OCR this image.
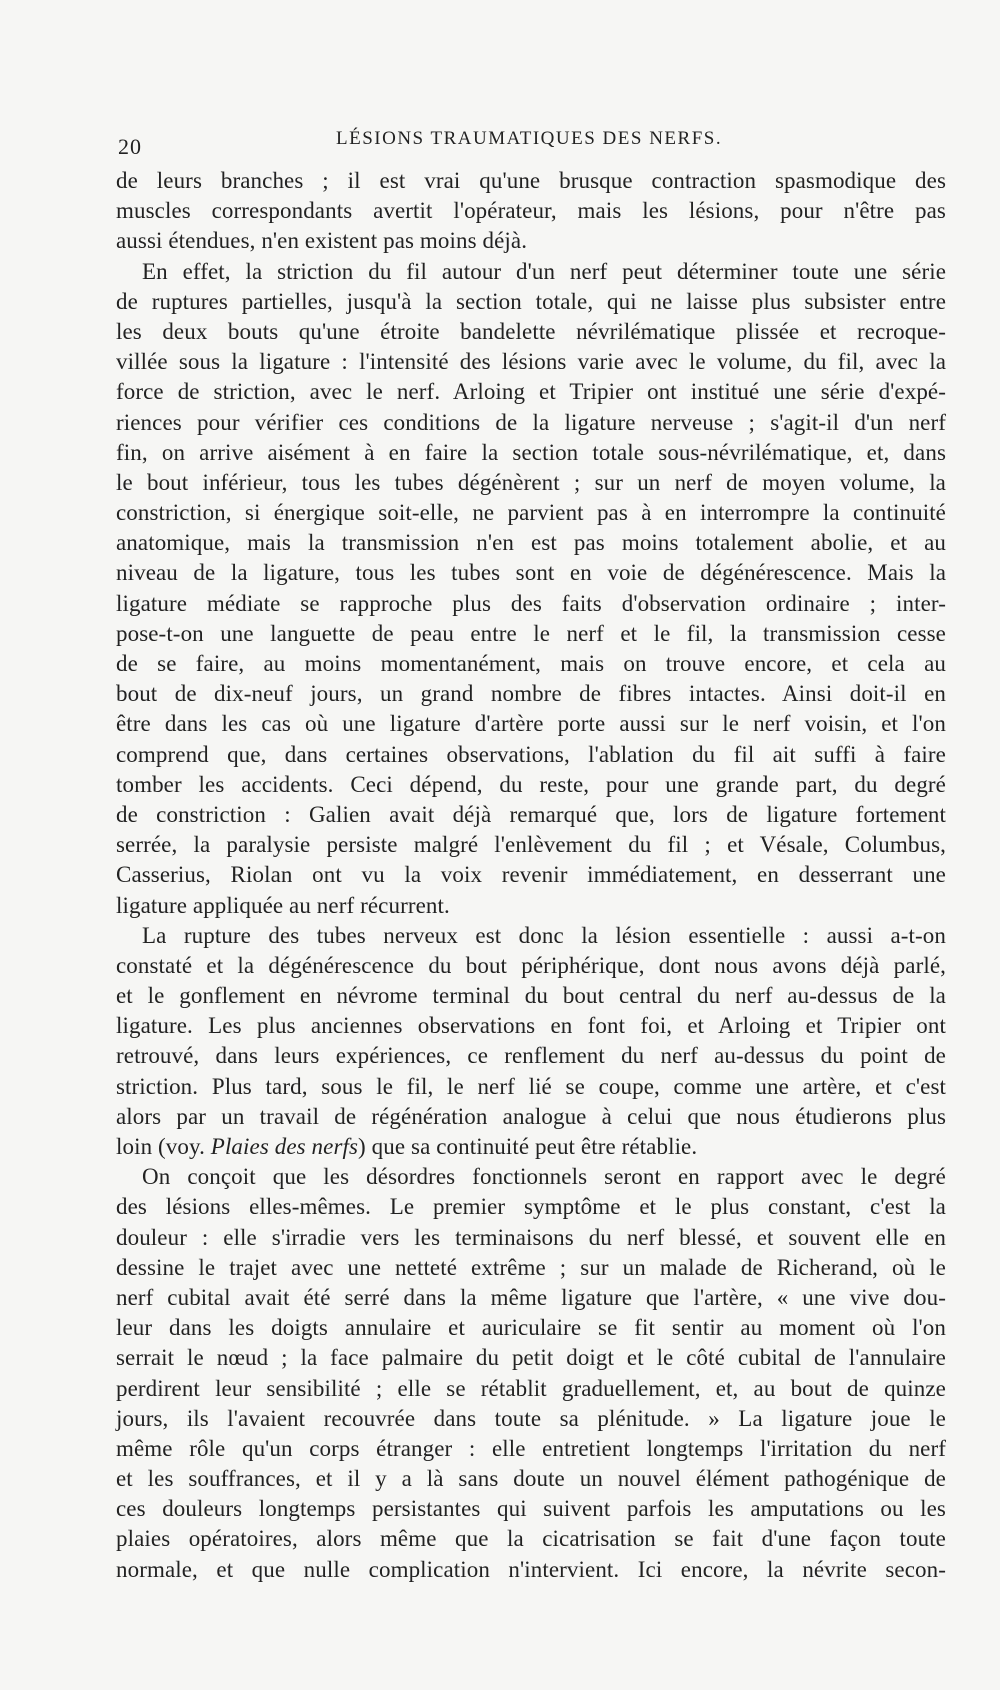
20	LÉSIONS TRAUMATIQUES DES NERFS.
de leurs branches ; il est vrai qu'une brusque contraction spasmodique des
muscles correspondants avertit l'opérateur, mais les lésions, pour n'être pas
aussi étendues, n'en existent pas moins déjà.
En effet, la striction du fil autour d'un nerf peut déterminer toute une série
de ruptures partielles, jusqu'à la section totale, qui ne laisse plus subsister entre
les deux bouts qu'une étroite bandelette névrilématique plissée et recroque-
villée sous la ligature : l'intensité des lésions varie avec le volume, du fil, avec la
force de striction, avec le nerf. Arloing et Tripier ont institué une série d'expé-
riences pour vérifier ces conditions de la ligature nerveuse ; s'agit-il d'un nerf
fin, on arrive aisément à en faire la section totale sous-névrilématique, et, dans
le bout inférieur, tous les tubes dégénèrent ; sur un nerf de moyen volume, la
constriction, si énergique soit-elle, ne parvient pas à en interrompre la continuité
anatomique, mais la transmission n'en est pas moins totalement abolie, et au
niveau de la ligature, tous les tubes sont en voie de dégénérescence. Mais la
ligature médiate se rapproche plus des faits d'observation ordinaire ; inter-
pose-t-on une languette de peau entre le nerf et le fil, la transmission cesse
de se faire, au moins momentanément, mais on trouve encore, et cela au
bout de dix-neuf jours, un grand nombre de fibres intactes. Ainsi doit-il en
être dans les cas où une ligature d'artère porte aussi sur le nerf voisin, et l'on
comprend que, dans certaines observations, l'ablation du fil ait suffi à faire
tomber les accidents. Ceci dépend, du reste, pour une grande part, du degré
de constriction : Galien avait déjà remarqué que, lors de ligature fortement
serrée, la paralysie persiste malgré l'enlèvement du fil ; et Vésale, Columbus,
Casserius, Riolan ont vu la voix revenir immédiatement, en desserrant une
ligature appliquée au nerf récurrent.
La rupture des tubes nerveux est donc la lésion essentielle : aussi a-t-on
constaté et la dégénérescence du bout périphérique, dont nous avons déjà parlé,
et le gonflement en névrome terminal du bout central du nerf au-dessus de la
ligature. Les plus anciennes observations en font foi, et Arloing et Tripier ont
retrouvé, dans leurs expériences, ce renflement du nerf au-dessus du point de
striction. Plus tard, sous le fil, le nerf lié se coupe, comme une artère, et c'est
alors par un travail de régénération analogue à celui que nous étudierons plus
loin (voy. Plaies des nerfs) que sa continuité peut être rétablie.
On conçoit que les désordres fonctionnels seront en rapport avec le degré
des lésions elles-mêmes. Le premier symptôme et le plus constant, c'est la
douleur : elle s'irradie vers les terminaisons du nerf blessé, et souvent elle en
dessine le trajet avec une netteté extrême ; sur un malade de Richerand, où le
nerf cubital avait été serré dans la même ligature que l'artère, « une vive dou-
leur dans les doigts annulaire et auriculaire se fit sentir au moment où l'on
serrait le nœud ; la face palmaire du petit doigt et le côté cubital de l'annulaire
perdirent leur sensibilité ; elle se rétablit graduellement, et, au bout de quinze
jours, ils l'avaient recouvrée dans toute sa plénitude. » La ligature joue le
même rôle qu'un corps étranger : elle entretient longtemps l'irritation du nerf
et les souffrances, et il y a là sans doute un nouvel élément pathogénique de
ces douleurs longtemps persistantes qui suivent parfois les amputations ou les
plaies opératoires, alors même que la cicatrisation se fait d'une façon toute
normale, et que nulle complication n'intervient. Ici encore, la névrite secon-
